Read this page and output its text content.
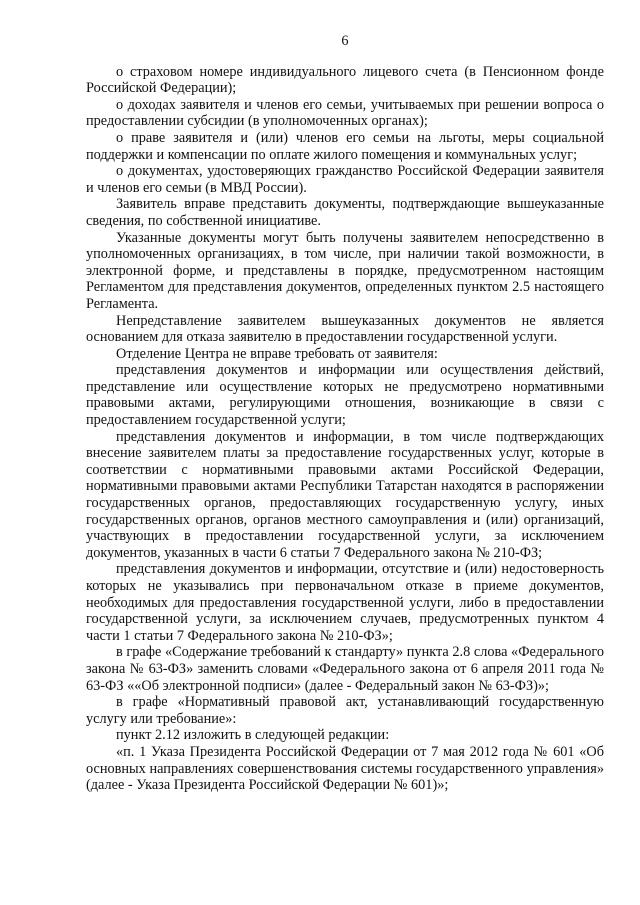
6

о страховом номере индивидуального лицевого счета (в Пенсионном фонде Российской Федерации);

о доходах заявителя и членов его семьи, учитываемых при решении вопроса о предоставлении субсидии (в уполномоченных органах);

о праве заявителя и (или) членов его семьи на льготы, меры социальной поддержки и компенсации по оплате жилого помещения и коммунальных услуг;

о документах, удостоверяющих гражданство Российской Федерации заявителя и членов его семьи (в МВД России).

Заявитель вправе представить документы, подтверждающие вышеуказанные сведения, по собственной инициативе.

Указанные документы могут быть получены заявителем непосредственно в уполномоченных организациях, в том числе, при наличии такой возможности, в электронной форме, и представлены в порядке, предусмотренном настоящим Регламентом для представления документов, определенных пунктом 2.5 настоящего Регламента.

Непредставление заявителем вышеуказанных документов не является основанием для отказа заявителю в предоставлении государственной услуги.

Отделение Центра не вправе требовать от заявителя:

представления документов и информации или осуществления действий, представление или осуществление которых не предусмотрено нормативными правовыми актами, регулирующими отношения, возникающие в связи с предоставлением государственной услуги;

представления документов и информации, в том числе подтверждающих внесение заявителем платы за предоставление государственных услуг, которые в соответствии с нормативными правовыми актами Российской Федерации, нормативными правовыми актами Республики Татарстан находятся в распоряжении государственных органов, предоставляющих государственную услугу, иных государственных органов, органов местного самоуправления и (или) организаций, участвующих в предоставлении государственной услуги, за исключением документов, указанных в части 6 статьи 7 Федерального закона № 210-ФЗ;

представления документов и информации, отсутствие и (или) недостоверность которых не указывались при первоначальном отказе в приеме документов, необходимых для предоставления государственной услуги, либо в предоставлении государственной услуги, за исключением случаев, предусмотренных пунктом 4 части 1 статьи 7 Федерального закона № 210-ФЗ»;

в графе «Содержание требований к стандарту» пункта 2.8 слова «Федерального закона № 63-ФЗ» заменить словами «Федерального закона от 6 апреля 2011 года № 63-ФЗ ««Об электронной подписи» (далее - Федеральный закон № 63-ФЗ)»;

в графе «Нормативный правовой акт, устанавливающий государственную услугу или требование»:

пункт 2.12 изложить в следующей редакции:

«п. 1 Указа Президента Российской Федерации от 7 мая 2012 года № 601 «Об основных направлениях совершенствования системы государственного управления» (далее - Указа Президента Российской Федерации № 601)»;
